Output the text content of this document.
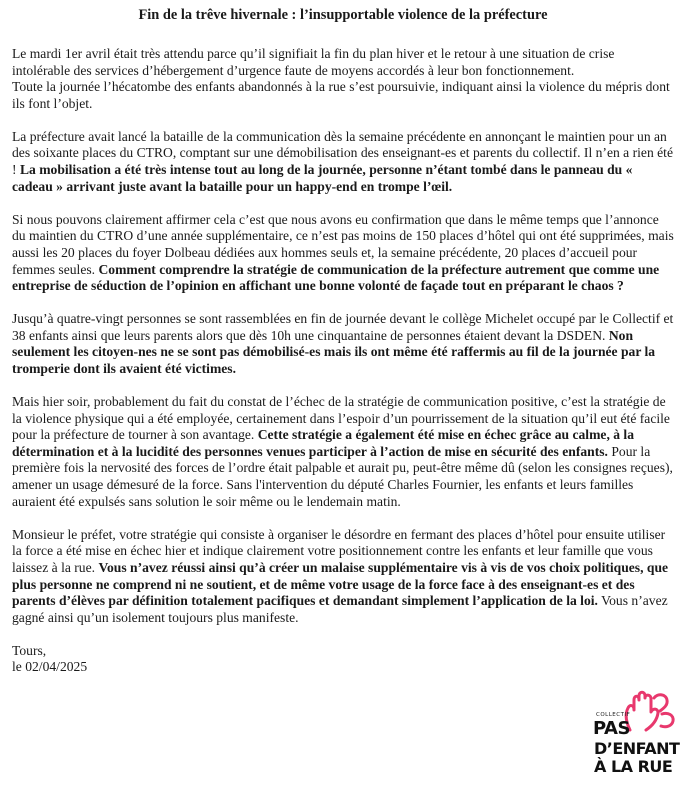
Fin de la trêve hivernale : l’insupportable violence de la préfecture
Le mardi 1er avril était très attendu parce qu’il signifiait la fin du plan hiver et le retour à une situation de crise intolérable des services d’hébergement d’urgence faute de moyens accordés à leur bon fonctionnement.
Toute la journée l’hécatombe des enfants abandonnés à la rue s’est poursuivie, indiquant ainsi la violence du mépris dont ils font l’objet.
La préfecture avait lancé la bataille de la communication dès la semaine précédente en annonçant le maintien pour un an des soixante places du CTRO, comptant sur une démobilisation des enseignant-es et parents du collectif. Il n’en a rien été ! La mobilisation a été très intense tout au long de la journée, personne n’étant tombé dans le panneau du « cadeau » arrivant juste avant la bataille pour un happy-end en trompe l’œil.
Si nous pouvons clairement affirmer cela c’est que nous avons eu confirmation que dans le même temps que l’annonce du maintien du CTRO d’une année supplémentaire, ce n’est pas moins de 150 places d’hôtel qui ont été supprimées, mais aussi les 20 places du foyer Dolbeau dédiées aux hommes seuls et, la semaine précédente, 20 places d’accueil pour femmes seules. Comment comprendre la stratégie de communication de la préfecture autrement que comme une entreprise de séduction de l’opinion en affichant une bonne volonté de façade tout en préparant le chaos ?
Jusqu’à quatre-vingt personnes se sont rassemblées en fin de journée devant le collège Michelet occupé par le Collectif et 38 enfants ainsi que leurs parents alors que dès 10h une cinquantaine de personnes étaient devant la DSDEN. Non seulement les citoyen-nes ne se sont pas démobilisé-es mais ils ont même été raffermis au fil de la journée par la tromperie dont ils avaient été victimes.
Mais hier soir, probablement du fait du constat de l’échec de la stratégie de communication positive, c’est la stratégie de la violence physique qui a été employée, certainement dans l’espoir d’un pourrissement de la situation qu’il eut été facile pour la préfecture de tourner à son avantage. Cette stratégie a également été mise en échec grâce au calme, à la détermination et à la lucidité des personnes venues participer à l’action de mise en sécurité des enfants. Pour la première fois la nervosité des forces de l’ordre était palpable et aurait pu, peut-être même dû (selon les consignes reçues), amener un usage démesuré de la force. Sans l'intervention du député Charles Fournier, les enfants et leurs familles auraient été expulsés sans solution le soir même ou le lendemain matin.
Monsieur le préfet, votre stratégie qui consiste à organiser le désordre en fermant des places d’hôtel pour ensuite utiliser la force a été mise en échec hier et indique clairement votre positionnement contre les enfants et leur famille que vous laissez à la rue. Vous n’avez réussi ainsi qu’à créer un malaise supplémentaire vis à vis de vos choix politiques, que plus personne ne comprend ni ne soutient, et de même votre usage de la force face à des enseignant-es et des parents d’élèves par définition totalement pacifiques et demandant simplement l’application de la loi. Vous n’avez gagné ainsi qu’un isolement toujours plus manifeste.
Tours,
le 02/04/2025
COLLECTIF
PAS
D’ENFANT
À LA RUE
